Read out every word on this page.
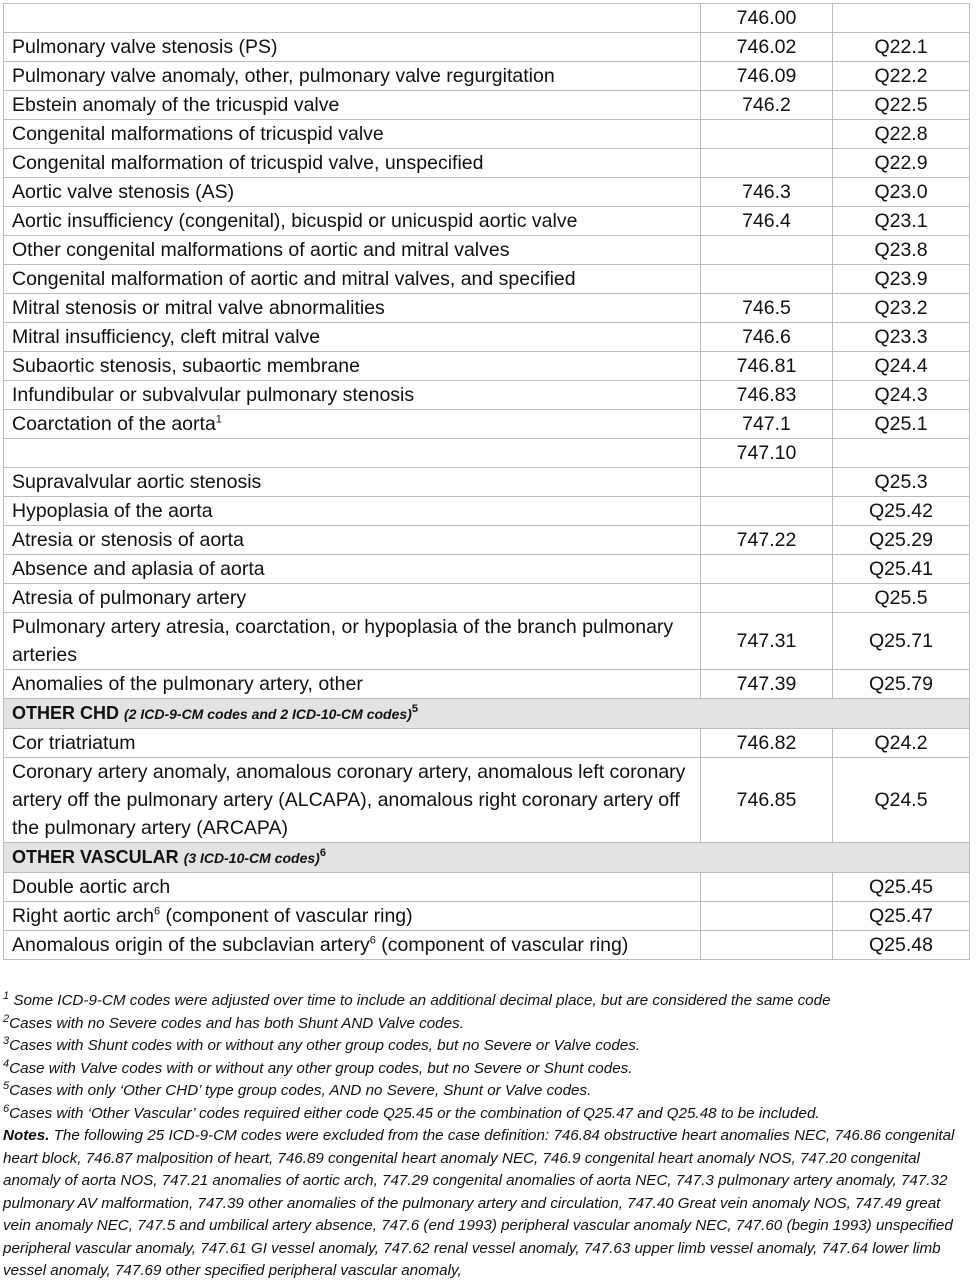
	746.00	
Pulmonary valve stenosis (PS)	746.02	Q22.1
Pulmonary valve anomaly, other, pulmonary valve regurgitation	746.09	Q22.2
Ebstein anomaly of the tricuspid valve	746.2	Q22.5
Congenital malformations of tricuspid valve		Q22.8
Congenital malformation of tricuspid valve, unspecified		Q22.9
Aortic valve stenosis (AS)	746.3	Q23.0
Aortic insufficiency (congenital), bicuspid or unicuspid aortic valve	746.4	Q23.1
Other congenital malformations of aortic and mitral valves		Q23.8
Congenital malformation of aortic and mitral valves, and specified		Q23.9
Mitral stenosis or mitral valve abnormalities	746.5	Q23.2
Mitral insufficiency, cleft mitral valve	746.6	Q23.3
Subaortic stenosis, subaortic membrane	746.81	Q24.4
Infundibular or subvalvular pulmonary stenosis	746.83	Q24.3
Coarctation of the aorta$^1$	747.1	Q25.1
	747.10	
Supravalvular aortic stenosis		Q25.3
Hypoplasia of the aorta		Q25.42
Atresia or stenosis of aorta	747.22	Q25.29
Absence and aplasia of aorta		Q25.41
Atresia of pulmonary artery		Q25.5
Pulmonary artery atresia, coarctation, or hypoplasia of the branch pulmonary arteries	747.31	Q25.71
Anomalies of the pulmonary artery, other	747.39	Q25.79
OTHER CHD (2 ICD-9-CM codes and 2 ICD-10-CM codes)$^5$
Cor triatriatum	746.82	Q24.2
Coronary artery anomaly, anomalous coronary artery, anomalous left coronary artery off the pulmonary artery (ALCAPA), anomalous right coronary artery off the pulmonary artery (ARCAPA)	746.85	Q24.5
OTHER VASCULAR (3 ICD-10-CM codes)$^6$
Double aortic arch		Q25.45
Right aortic arch$^6$ (component of vascular ring)		Q25.47
Anomalous origin of the subclavian artery$^6$ (component of vascular ring)		Q25.48

$^1$ Some ICD-9-CM codes were adjusted over time to include an additional decimal place, but are considered the same code

$^2$Cases with no Severe codes and has both Shunt AND Valve codes.

$^3$Cases with Shunt codes with or without any other group codes, but no Severe or Valve codes.

$^4$Case with Valve codes with or without any other group codes, but no Severe or Shunt codes.

$^5$Cases with only ‘Other CHD’ type group codes, AND no Severe, Shunt or Valve codes.

$^6$Cases with ‘Other Vascular’ codes required either code Q25.45 or the combination of Q25.47 and Q25.48 to be included.

Notes. The following 25 ICD-9-CM codes were excluded from the case definition: 746.84 obstructive heart anomalies NEC, 746.86 congenital heart block, 746.87 malposition of heart, 746.89 congenital heart anomaly NEC, 746.9 congenital heart anomaly NOS, 747.20 congenital anomaly of aorta NOS, 747.21 anomalies of aortic arch, 747.29 congenital anomalies of aorta NEC, 747.3 pulmonary artery anomaly, 747.32 pulmonary AV malformation, 747.39 other anomalies of the pulmonary artery and circulation, 747.40 Great vein anomaly NOS, 747.49 great vein anomaly NEC, 747.5 and umbilical artery absence, 747.6 (end 1993) peripheral vascular anomaly NEC, 747.60 (begin 1993) unspecified peripheral vascular anomaly, 747.61 GI vessel anomaly, 747.62 renal vessel anomaly, 747.63 upper limb vessel anomaly, 747.64 lower limb vessel anomaly, 747.69 other specified peripheral vascular anomaly,
